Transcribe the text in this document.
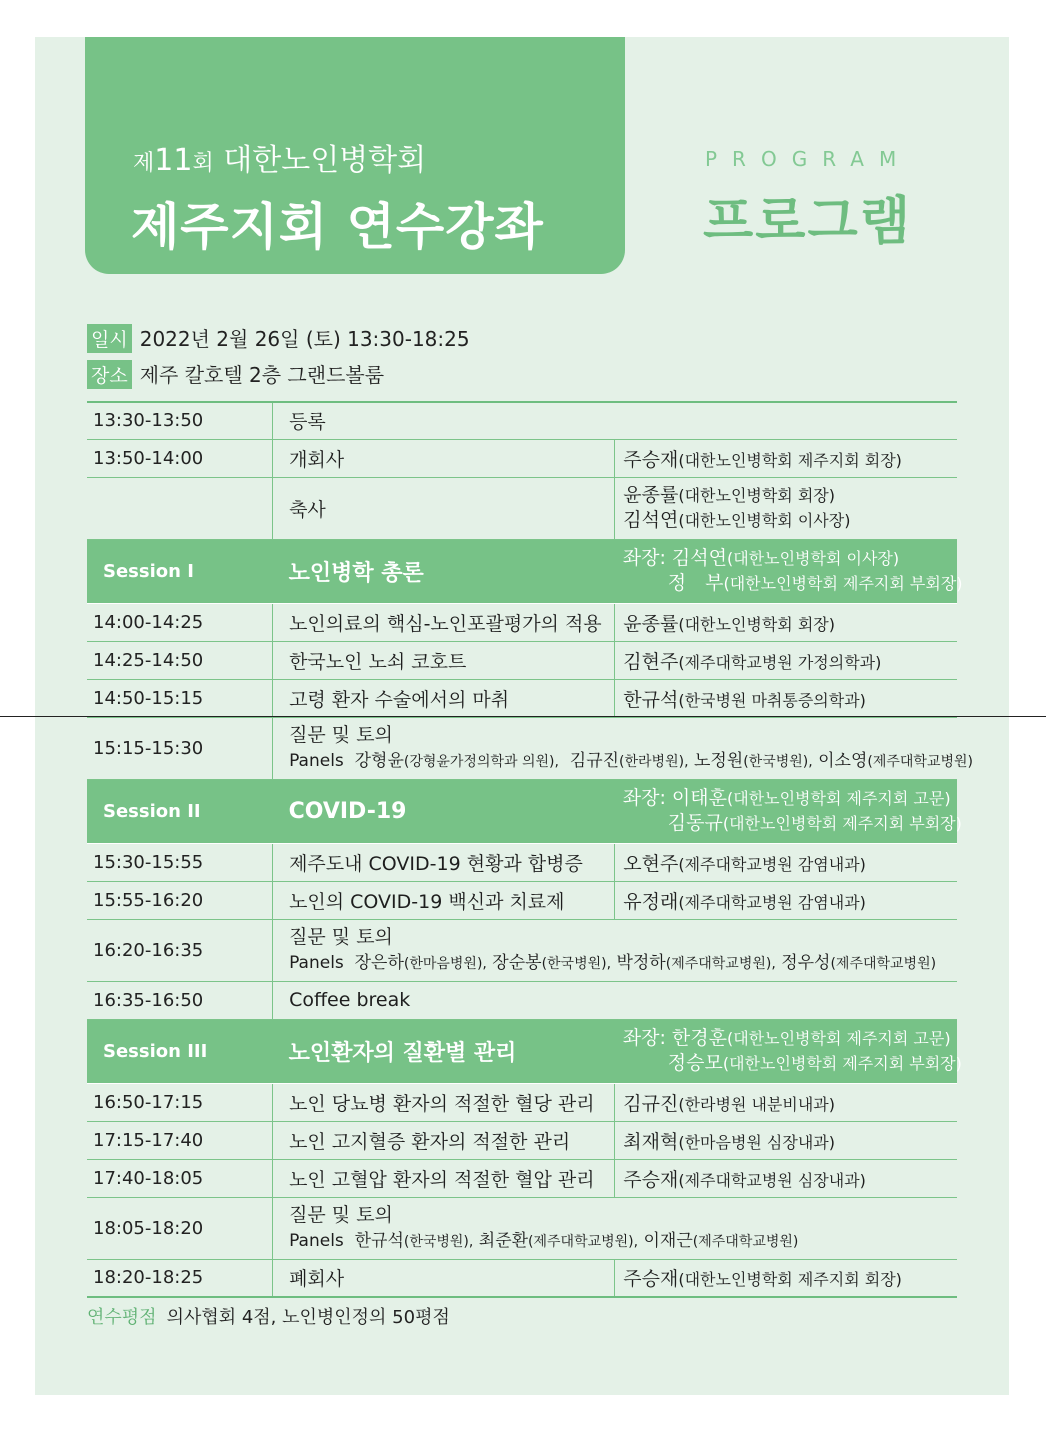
제11회 대한노인병학회
제주지회 연수강좌
PROGRAM
프로그램
일시 2022년 2월 26일 (토) 13:30-18:25
장소 제주 칼호텔 2층 그랜드볼룸
13:30-13:50	등록	
13:50-14:00	개회사	주승재(대한노인병학회 제주지회 회장)
	축사	윤종률(대한노인병학회 회장)
김석연(대한노인병학회 이사장)

Session I	노인병학 총론	좌장: 김석연(대한노인병학회 이사장)
정　부(대한노인병학회 제주지회 부회장)

14:00-14:25	노인의료의 핵심-노인포괄평가의 적용	윤종률(대한노인병학회 회장)
14:25-14:50	한국노인 노쇠 코호트	김현주(제주대학교병원 가정의학과)
14:50-15:15	고령 환자 수술에서의 마취	한규석(한국병원 마취통증의학과)
15:15-15:30	질문 및 토의
Panels 강형윤(강형윤가정의학과 의원), 김규진(한라병원), 노정원(한국병원), 이소영(제주대학교병원)	

Session II	COVID-19	좌장: 이태훈(대한노인병학회 제주지회 고문)
김동규(대한노인병학회 제주지회 부회장)

15:30-15:55	제주도내 COVID-19 현황과 합병증	오현주(제주대학교병원 감염내과)
15:55-16:20	노인의 COVID-19 백신과 치료제	유정래(제주대학교병원 감염내과)
16:20-16:35	질문 및 토의
Panels 장은하(한마음병원), 장순봉(한국병원), 박정하(제주대학교병원), 정우성(제주대학교병원)	

16:35-16:50	Coffee break	
Session III	노인환자의 질환별 관리	좌장: 한경훈(대한노인병학회 제주지회 고문)
정승모(대한노인병학회 제주지회 부회장)

16:50-17:15	노인 당뇨병 환자의 적절한 혈당 관리	김규진(한라병원 내분비내과)
17:15-17:40	노인 고지혈증 환자의 적절한 관리	최재혁(한마음병원 심장내과)
17:40-18:05	노인 고혈압 환자의 적절한 혈압 관리	주승재(제주대학교병원 심장내과)
18:05-18:20	질문 및 토의
Panels 한규석(한국병원), 최준환(제주대학교병원), 이재근(제주대학교병원)	

18:20-18:25	폐회사	주승재(대한노인병학회 제주지회 회장)
연수평점 의사협회 4점, 노인병인정의 50평점
